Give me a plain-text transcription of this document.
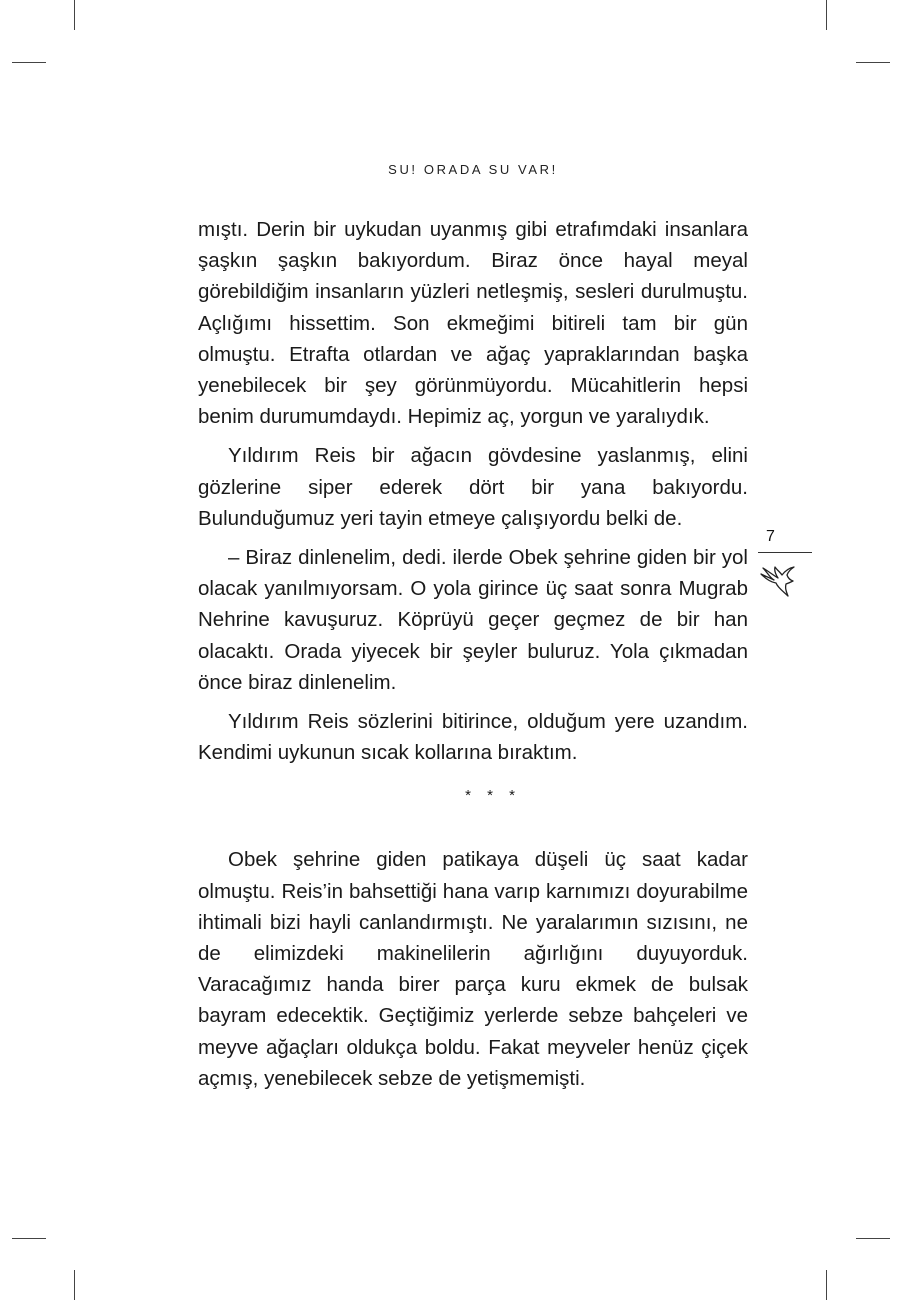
SU! ORADA SU VAR!

mıştı. Derin bir uykudan uyanmış gibi etrafımdaki insanlara şaşkın şaşkın bakıyordum. Biraz önce hayal meyal görebildiğim insanların yüzleri netleşmiş, sesleri durulmuştu. Açlığımı hissettim. Son ekmeğimi bitireli tam bir gün olmuştu. Etrafta otlardan ve ağaç yapraklarından başka yenebilecek bir şey görünmüyordu. Mücahitlerin hepsi benim durumumdaydı. Hepimiz aç, yorgun ve yaralıydık.

Yıldırım Reis bir ağacın gövdesine yaslanmış, elini gözlerine siper ederek dört bir yana bakıyordu. Bulunduğumuz yeri tayin etmeye çalışıyordu belki de.

– Biraz dinlenelim, dedi. ilerde Obek şehrine giden bir yol olacak yanılmıyorsam. O yola girince üç saat sonra Mugrab Nehrine kavuşuruz. Köprüyü geçer geçmez de bir han olacaktı. Orada yiyecek bir şeyler buluruz. Yola çıkmadan önce biraz dinlenelim.

Yıldırım Reis sözlerini bitirince, olduğum yere uzandım. Kendimi uykunun sıcak kollarına bıraktım.

* * *

Obek şehrine giden patikaya düşeli üç saat kadar olmuştu. Reis’in bahsettiği hana varıp karnımızı doyurabilme ihtimali bizi hayli canlandırmıştı. Ne yaralarımın sızısını, ne de elimizdeki makinelilerin ağırlığını duyuyorduk. Varacağımız handa birer parça kuru ekmek de bulsak bayram edecektik. Geçtiğimiz yerlerde sebze bahçeleri ve meyve ağaçları oldukça boldu. Fakat meyveler henüz çiçek açmış, yenebilecek sebze de yetişmemişti.

7
